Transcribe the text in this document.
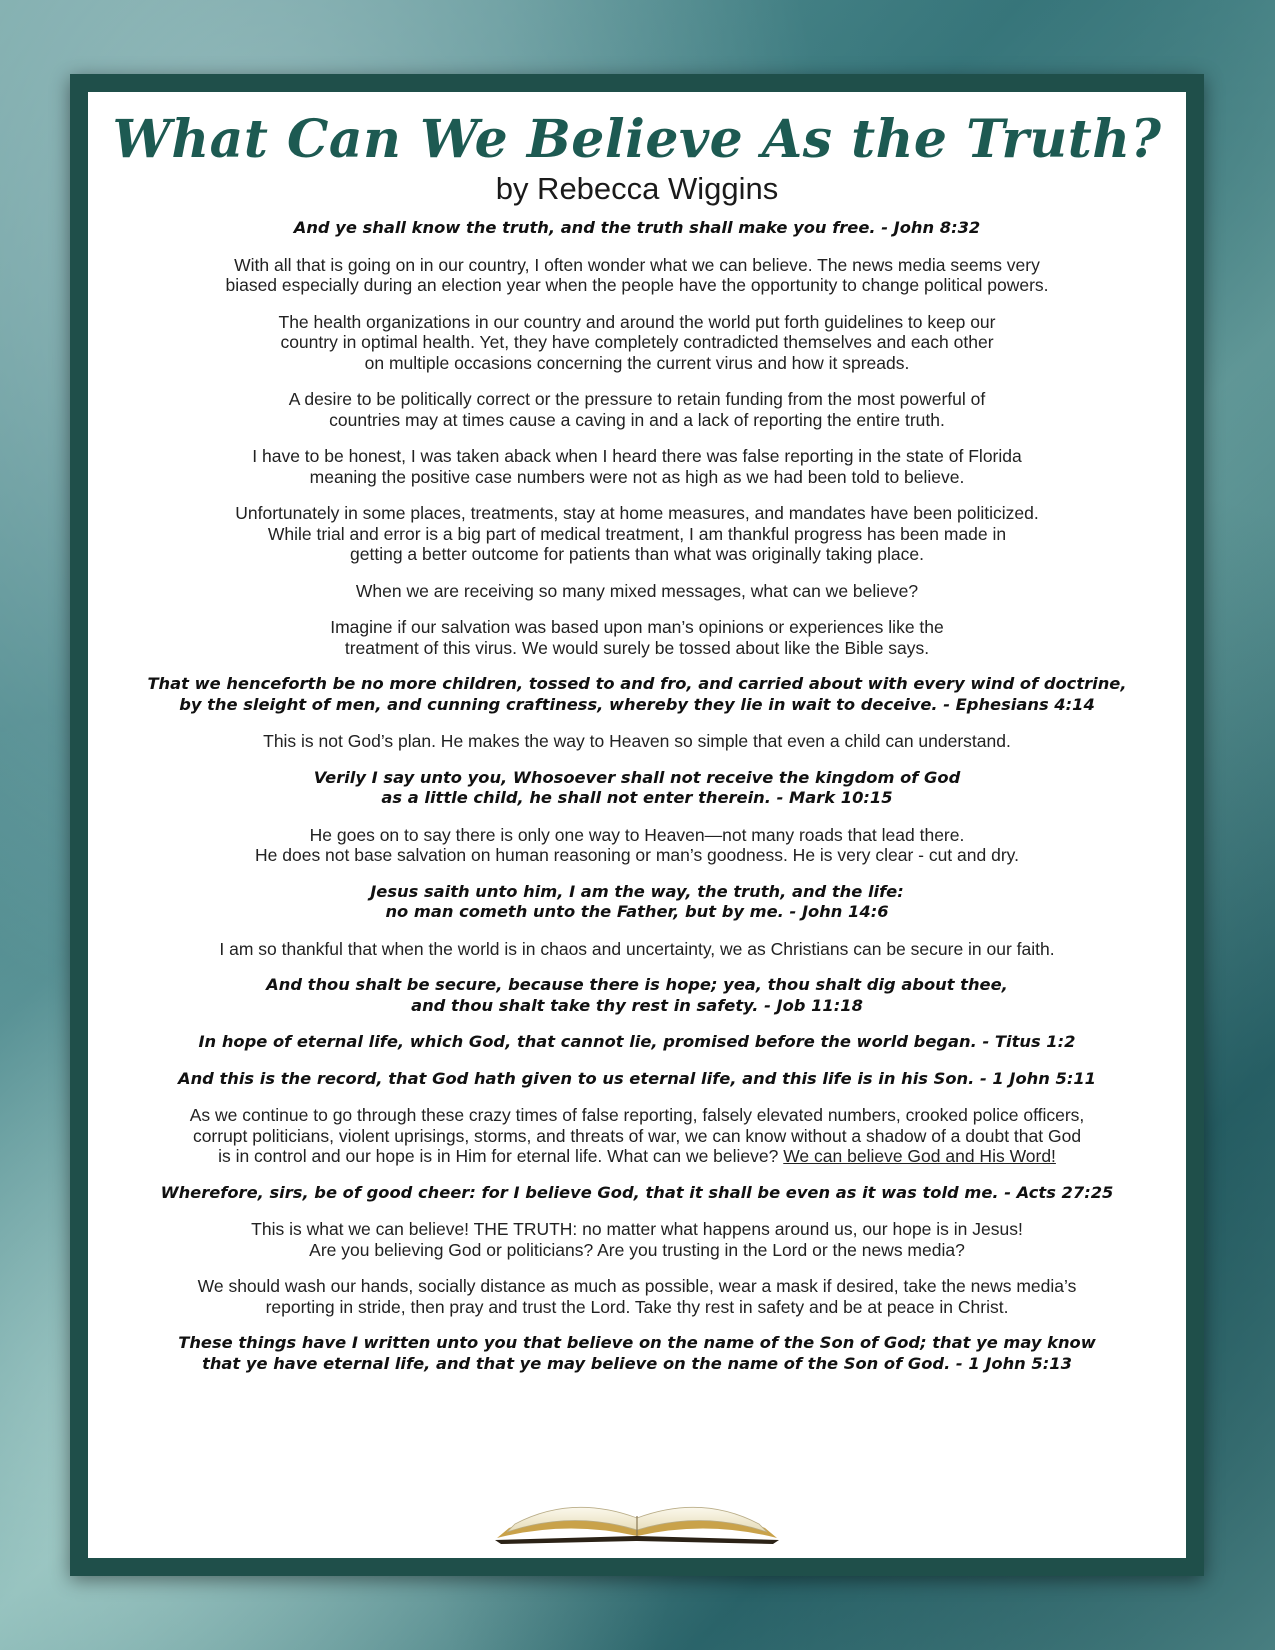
What Can We Believe As the Truth?

by Rebecca Wiggins

And ye shall know the truth, and the truth shall make you free. - John 8:32

With all that is going on in our country, I often wonder what we can believe. The news media seems very
biased especially during an election year when the people have the opportunity to change political powers.

The health organizations in our country and around the world put forth guidelines to keep our
country in optimal health. Yet, they have completely contradicted themselves and each other
on multiple occasions concerning the current virus and how it spreads.

A desire to be politically correct or the pressure to retain funding from the most powerful of
countries may at times cause a caving in and a lack of reporting the entire truth.

I have to be honest, I was taken aback when I heard there was false reporting in the state of Florida
meaning the positive case numbers were not as high as we had been told to believe.

Unfortunately in some places, treatments, stay at home measures, and mandates have been politicized.
While trial and error is a big part of medical treatment, I am thankful progress has been made in
getting a better outcome for patients than what was originally taking place.

When we are receiving so many mixed messages, what can we believe?

Imagine if our salvation was based upon man’s opinions or experiences like the
treatment of this virus. We would surely be tossed about like the Bible says.

That we henceforth be no more children, tossed to and fro, and carried about with every wind of doctrine,
by the sleight of men, and cunning craftiness, whereby they lie in wait to deceive. - Ephesians 4:14

This is not God’s plan. He makes the way to Heaven so simple that even a child can understand.

Verily I say unto you, Whosoever shall not receive the kingdom of God
as a little child, he shall not enter therein. - Mark 10:15

He goes on to say there is only one way to Heaven—not many roads that lead there.
He does not base salvation on human reasoning or man’s goodness. He is very clear - cut and dry.

Jesus saith unto him, I am the way, the truth, and the life:
no man cometh unto the Father, but by me. - John 14:6

I am so thankful that when the world is in chaos and uncertainty, we as Christians can be secure in our faith.

And thou shalt be secure, because there is hope; yea, thou shalt dig about thee,
and thou shalt take thy rest in safety. - Job 11:18

In hope of eternal life, which God, that cannot lie, promised before the world began. - Titus 1:2

And this is the record, that God hath given to us eternal life, and this life is in his Son. - 1 John 5:11

As we continue to go through these crazy times of false reporting, falsely elevated numbers, crooked police officers,
corrupt politicians, violent uprisings, storms, and threats of war, we can know without a shadow of a doubt that God
is in control and our hope is in Him for eternal life. What can we believe? We can believe God and His Word!

Wherefore, sirs, be of good cheer: for I believe God, that it shall be even as it was told me. - Acts 27:25

This is what we can believe! THE TRUTH: no matter what happens around us, our hope is in Jesus!
Are you believing God or politicians? Are you trusting in the Lord or the news media?

We should wash our hands, socially distance as much as possible, wear a mask if desired, take the news media’s
reporting in stride, then pray and trust the Lord. Take thy rest in safety and be at peace in Christ.

These things have I written unto you that believe on the name of the Son of God; that ye may know
that ye have eternal life, and that ye may believe on the name of the Son of God. - 1 John 5:13
